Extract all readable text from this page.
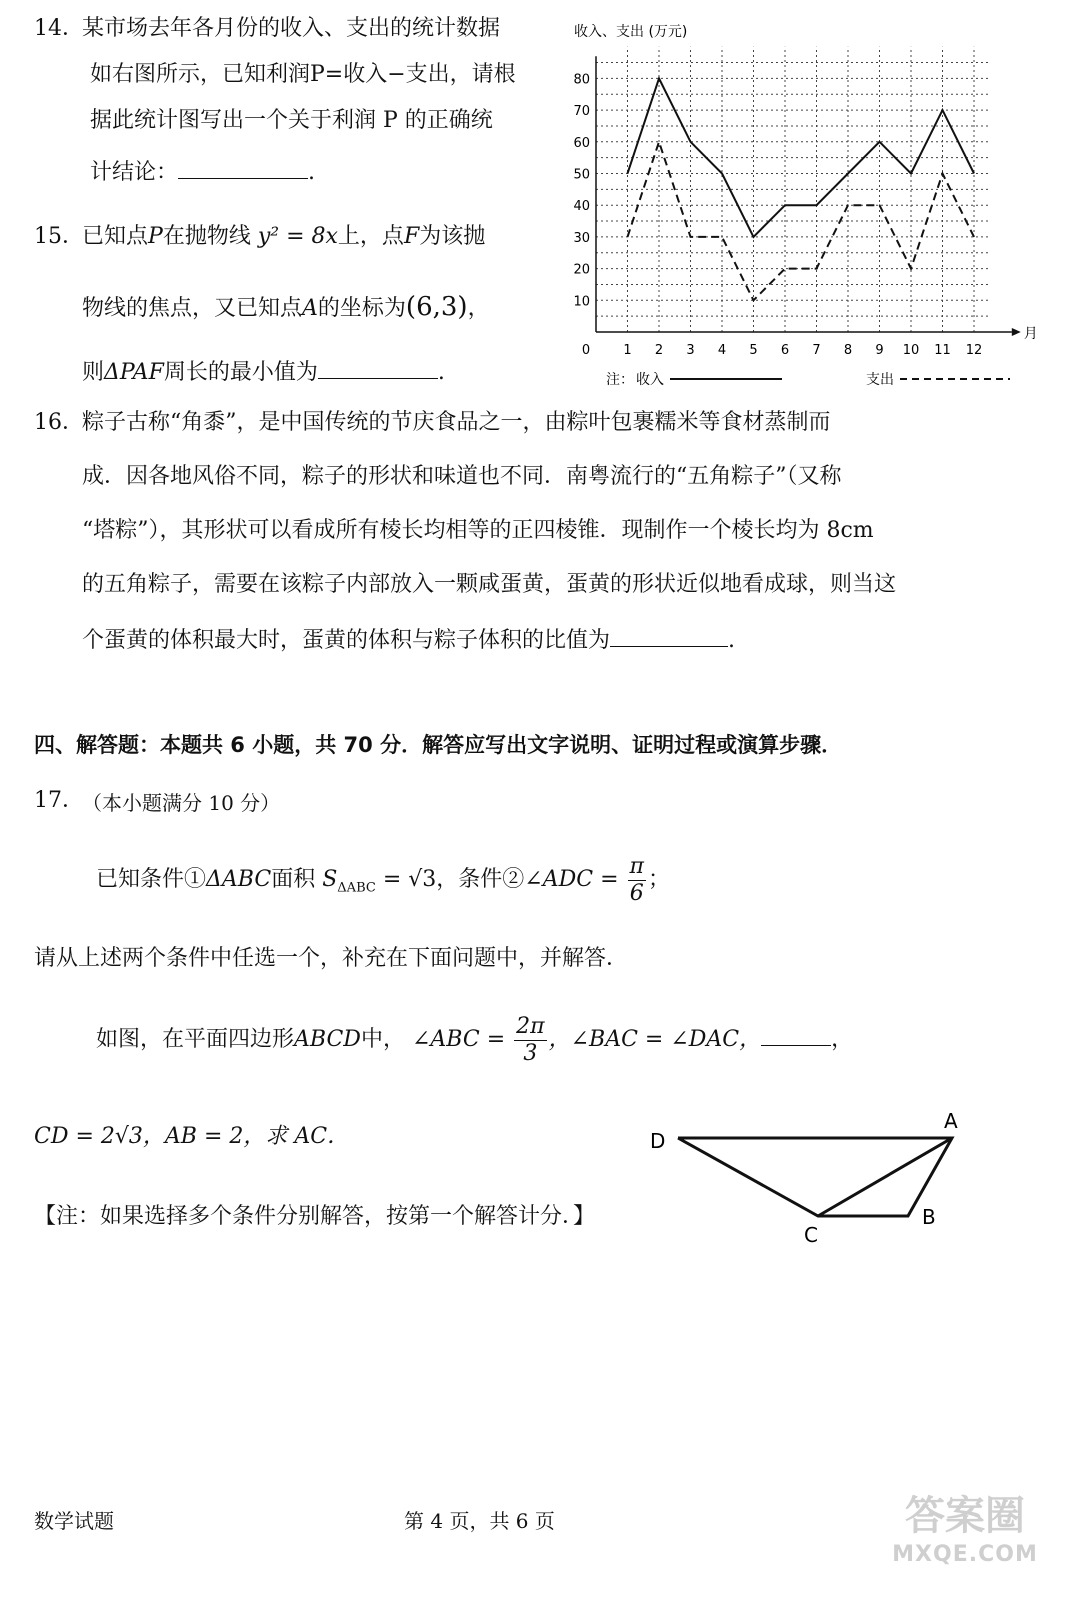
14．
某市场去年各月份的收入、支出的统计数据
如右图所示，已知利润P=收入−支出，请根
据此统计图写出一个关于利润 P 的正确统
计结论：	.
15．
已知点P在抛物线 y² = 8x上，点F为该抛
物线的焦点，又已知点A的坐标为(6,3)，
则ΔPAF周长的最小值为	.
收入、支出 (万元)
月
0	1 2 3 4 5 6 7 8 9 10 11 12
10
20
30
40
50
60
70
80
注： 收入	支出
16．
粽子古称“角黍”，是中国传统的节庆食品之一，由粽叶包裹糯米等食材蒸制而
成．因各地风俗不同，粽子的形状和味道也不同．南粤流行的“五角粽子”（又称
“塔粽”），其形状可以看成所有棱长均相等的正四棱锥．现制作一个棱长均为 8cm
的五角粽子，需要在该粽子内部放入一颗咸蛋黄，蛋黄的形状近似地看成球，则当这
个蛋黄的体积最大时，蛋黄的体积与粽子体积的比值为	.
四、解答题：本题共 6 小题，共 70 分．解答应写出文字说明、证明过程或演算步骤．
17．
（本小题满分 10 分）
已知条件①ΔABC面积 $S_{\Delta ABC} = √3$，条件②∠ADC = $\frac{\pi}{6}$ ；
请从上述两个条件中任选一个，补充在下面问题中，并解答．
如图，在平面四边形ABCD中， ∠ABC = $\frac{2\pi}{3}$ ，∠BAC = ∠DAC，	，
CD = 2√3，AB = 2，求 AC．
【注：如果选择多个条件分别解答，按第一个解答计分．】
D
A
B
C
数学试题	第 4 页，共 6 页	答案圈
MXQE.COM
